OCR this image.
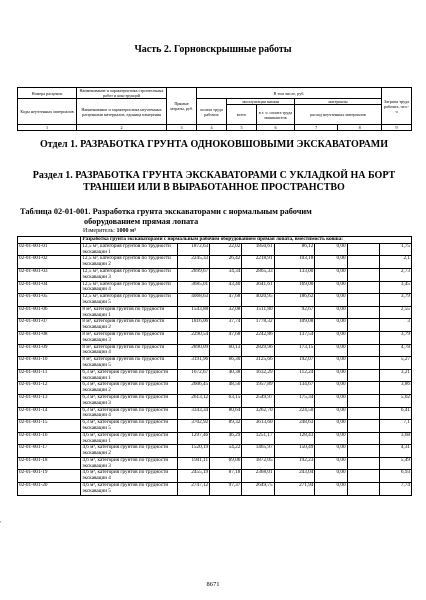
Часть 2. Горновскрышные работы
Номера расценок	Наименование и характеристика строительных работ и конструкций	Прямые затраты, руб.	В том числе, руб.					Затраты труда рабочих, чел.-ч
Коды неучтенных материалов	Наименование и характеристика неучтенных расценками материалов, единица измерения		оплата труда рабочих	эксплуатация машин		материалы		
				всего	в т. ч. оплата труда машинистов	расход неучтенных материалов		
1	2	3	4	5	6	7	8	9
Отдел 1. РАЗРАБОТКА ГРУНТА ОДНОКОВШОВЫМИ ЭКСКАВАТОРАМИ
Раздел 1. РАЗРАБОТКА ГРУНТА ЭКСКАВАТОРАМИ С УКЛАДКОЙ НА БОРТ ТРАНШЕИ ИЛИ В ВЫРАБОТАННОЕ ПРОСТРАНСТВО
Таблица 02-01-001. Разработка грунта экскаваторами с нормальным рабочим
оборудованием прямая лопата
Измеритель: 1000 м³
	Разработка грунта экскаваторами с нормальным рабочим оборудованием прямая лопата, вместимость ковша:							
02-01-001-01	12,5 м³, категория грунтов по трудности экскавации 1	1872,63	22,02	1850,61	86,12	0,00		1,75
02-01-001-02	12,5 м³, категория грунтов по трудности экскавации 2	2245,33	26,42	2218,91	103,18	0,00		2,1
02-01-001-03	12,5 м³, категория грунтов по трудности экскавации 3	2899,67	34,34	2865,33	133,00	0,00		2,73
02-01-001-04	12,5 м³, категория грунтов по трудности экскавации 4	3685,01	43,40	3641,61	169,00	0,00		3,45
02-01-001-05	12,5 м³, категория грунтов по трудности экскавации 5	4068,63	47,68	4020,95	186,62	0,00		3,79
02-01-001-06	8 м³, категория грунтов по трудности экскавации 1	1543,88	32,08	1511,80	92,67	0,00		2,55
02-01-001-07	8 м³, категория грунтов по трудности экскавации 2	1816,06	37,74	1778,32	109,08	0,00		3
02-01-001-08	8 м³, категория грунтов по трудности экскавации 3	2290,54	47,68	2242,86	137,54	0,00		3,79
02-01-001-09	8 м³, категория грунтов по трудности экскавации 4	2890,09	60,13	2829,96	173,15	0,00		4,78
02-01-001-10	8 м³, категория грунтов по трудности экскавации 5	3191,96	66,30	3125,66	192,07	0,00		5,27
02-01-001-11	6,3 м³, категория грунтов по трудности экскавации 1	1672,67	40,38	1632,29	112,24	0,00		3,21
02-01-001-12	6,3 м³, категория грунтов по трудности экскавации 2	2006,45	48,56	1957,89	134,67	0,00		3,86
02-01-001-13	6,3 м³, категория грунтов по трудности экскавации 3	2613,12	63,15	2549,97	175,34	0,00		5,02
02-01-001-14	6,3 м³, категория грунтов по трудности экскавации 4	3343,34	80,64	3262,70	224,50	0,00		6,41
02-01-001-15	6,3 м³, категория грунтов по трудности экскавации 5	3702,92	89,32	3613,60	248,63	0,00		7,1
02-01-001-16	4,6 м³, категория грунтов по трудности экскавации 1	1297,46	46,29	1251,17	128,43	0,00		3,68
02-01-001-17	4,6 м³, категория грунтов по трудности экскавации 2	1520,19	54,22	1465,97	150,49	0,00		4,31
02-01-001-18	4,6 м³, категория грунтов по трудности экскавации 3	1941,11	69,06	1872,05	192,23	0,00		5,49
02-01-001-19	4,6 м³, категория грунтов по трудности экскавации 4	2455,19	87,18	2368,01	243,04	0,00		6,93
02-01-001-20	4,6 м³, категория грунтов по трудности экскавации 5	2747,12	97,37	2649,75	271,94	0,00		7,74
8671
